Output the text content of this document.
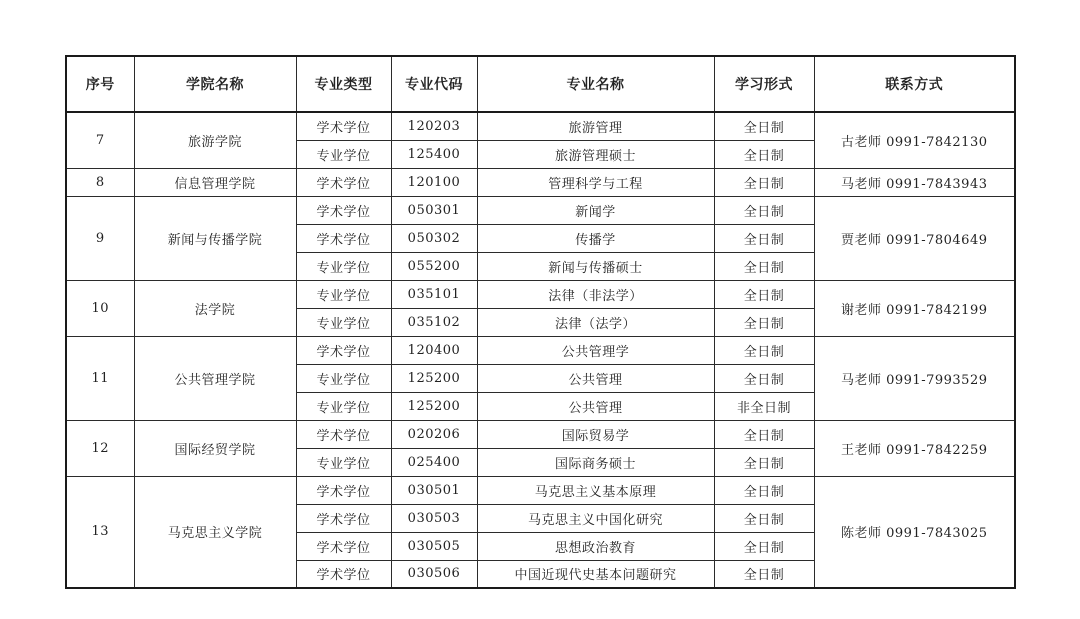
序号	学院名称	专业类型	专业代码	专业名称	学习形式	联系方式
7	旅游学院	学术学位	120203	旅游管理	全日制	古老师 0991-7842130
		专业学位	125400	旅游管理硕士	全日制	
8	信息管理学院	学术学位	120100	管理科学与工程	全日制	马老师 0991-7843943
9	新闻与传播学院	学术学位	050301	新闻学	全日制	贾老师 0991-7804649
		学术学位	050302	传播学	全日制	
		专业学位	055200	新闻与传播硕士	全日制	
10	法学院	专业学位	035101	法律（非法学）	全日制	谢老师 0991-7842199
		专业学位	035102	法律（法学）	全日制	
11	公共管理学院	学术学位	120400	公共管理学	全日制	马老师 0991-7993529
		专业学位	125200	公共管理	全日制	
		专业学位	125200	公共管理	非全日制	
12	国际经贸学院	学术学位	020206	国际贸易学	全日制	王老师 0991-7842259
		专业学位	025400	国际商务硕士	全日制	
13	马克思主义学院	学术学位	030501	马克思主义基本原理	全日制	陈老师 0991-7843025
		学术学位	030503	马克思主义中国化研究	全日制	
		学术学位	030505	思想政治教育	全日制	
		学术学位	030506	中国近现代史基本问题研究	全日制	
